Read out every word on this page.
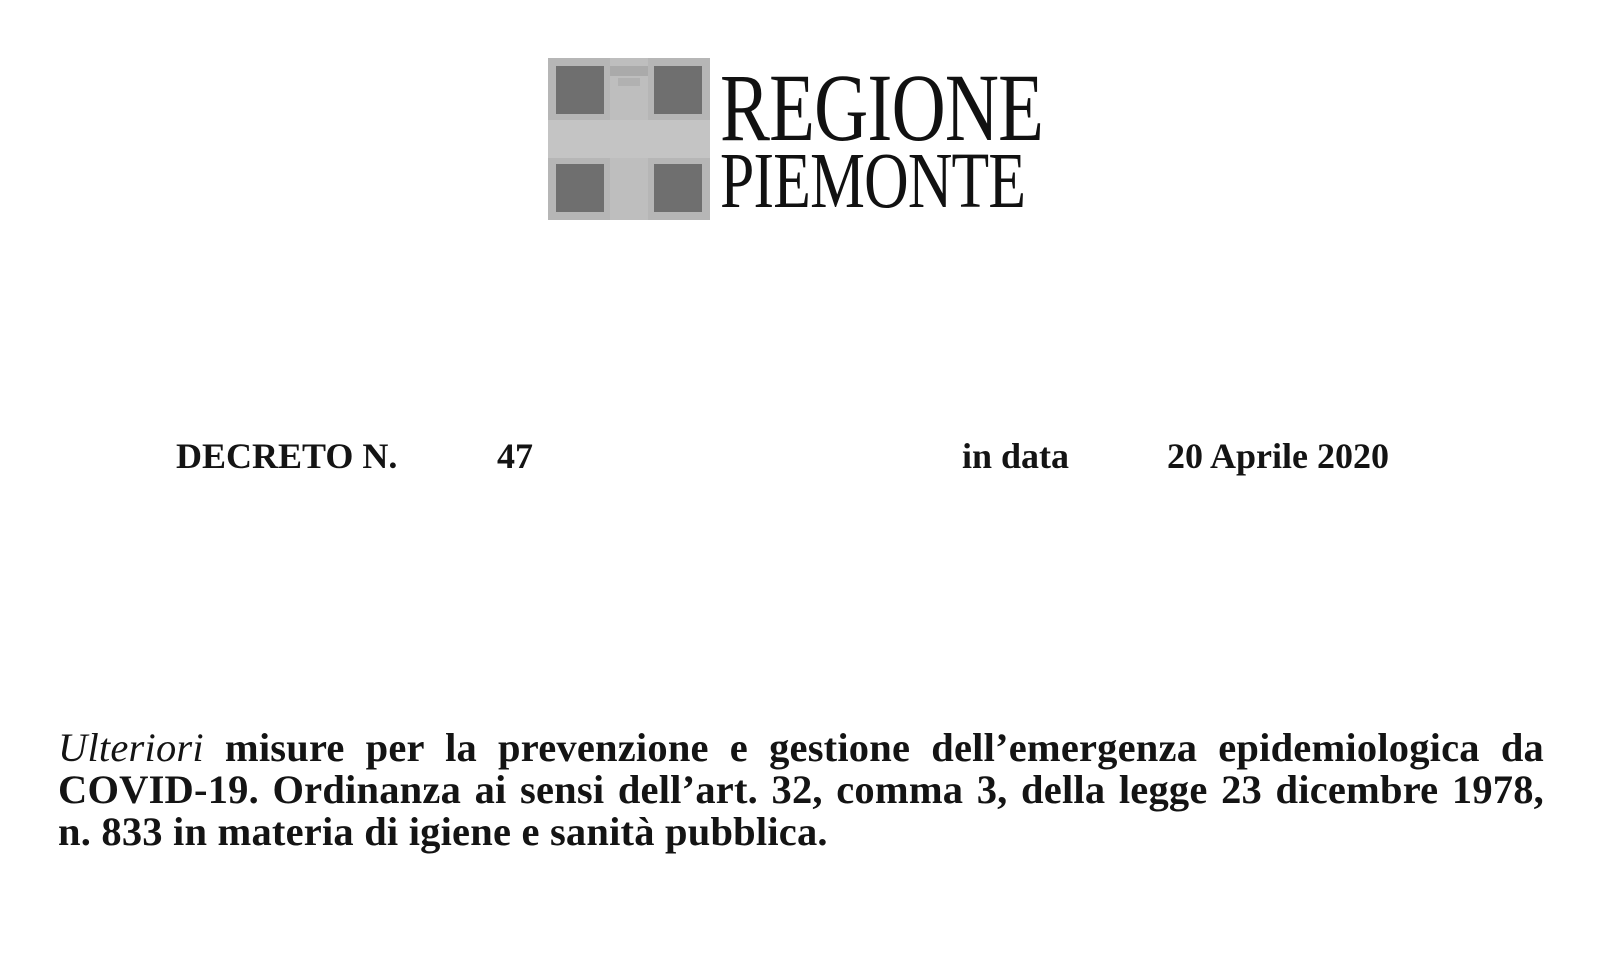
REGIONE
PIEMONTE
DECRETO N.	47	in data	20 Aprile 2020
Ulteriori misure per la prevenzione e gestione dell’emergenza epidemiologica da COVID-19. Ordinanza ai sensi dell’art. 32, comma 3, della legge 23 dicembre 1978, n. 833 in materia di igiene e sanità pubblica.
